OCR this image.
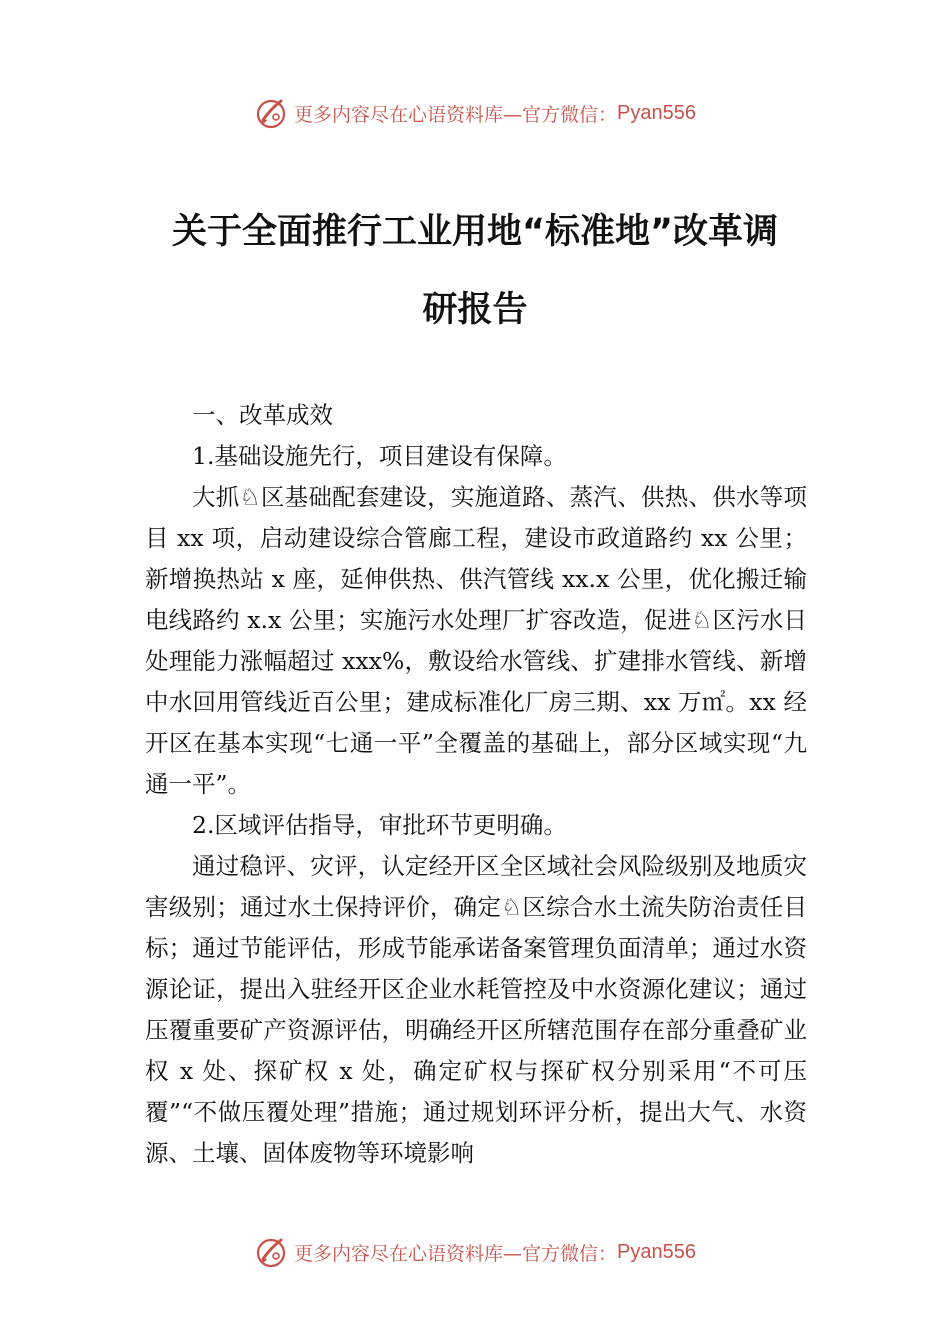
更多内容尽在心语资料库 —官方微信： Pyan556
关于全面推行工业用地“标准地”改革调
研报告

一、改革成效

1.基础设施先行，项目建设有保障。

大抓♘区基础配套建设，实施道路、蒸汽、供热、供水等项目 xx 项，启动建设综合管廊工程，建设市政道路约 xx 公里；新增换热站 x 座，延伸供热、供汽管线 xx.x 公里，优化搬迁输电线路约 x.x 公里；实施污水处理厂扩容改造，促进♘区污水日处理能力涨幅超过 xxx%，敷设给水管线、扩建排水管线、新增中水回用管线近百公里；建成标准化厂房三期、xx 万㎡。xx 经开区在基本实现“七通一平”全覆盖的基础上，部分区域实现“九通一平”。

2.区域评估指导，审批环节更明确。

通过稳评、灾评，认定经开区全区域社会风险级别及地质灾害级别；通过水土保持评价，确定♘区综合水土流失防治责任目标；通过节能评估，形成节能承诺备案管理负面清单；通过水资源论证，提出入驻经开区企业水耗管控及中水资源化建议；通过压覆重要矿产资源评估，明确经开区所辖范围存在部分重叠矿业权 x 处、探矿权 x 处，确定矿权与探矿权分别采用“不可压覆”“不做压覆处理”措施；通过规划环评分析，提出大气、水资源、土壤、固体废物等环境影响

更多内容尽在心语资料库 —官方微信： Pyan556
